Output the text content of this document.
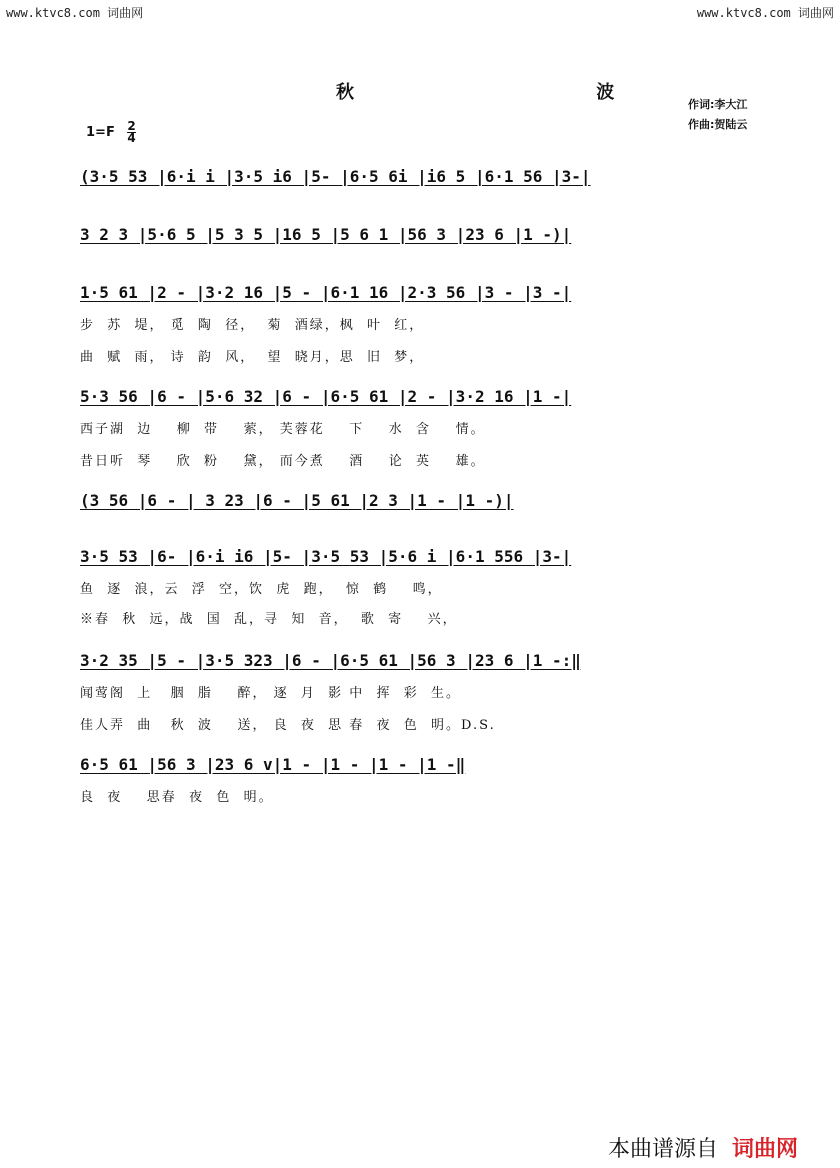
www.ktvc8.com 词曲网	www.ktvc8.com 词曲网
秋 波
作词:李大江
作曲:贺陆云
$1=F \frac{2}{4}$
(3·5 53 |6·i i |3·5 i6 |5- |6·5 6i |i6 5 |6·1 56 |3-|
3 2 3 |5·6 5 |5 3 5 |16 5 |5 6 1 |56 3 |23 6 |1 -)|
1·5 61 |2 - |3·2 16 |5 - |6·1 16 |2·3 56 |3 - |3 -|
步  苏  堤， 觅  陶  径，  菊  酒绿，枫  叶  红，
曲  赋  雨， 诗  韵  风，  望  晓月，思  旧  梦，
5·3 56 |6 - |5·6 32 |6 - |6·5 61 |2 - |3·2 16 |1 -|
西子湖  边    柳  带    萦， 芙蓉花    下    水  含    情。
昔日听  琴    欣  粉    黛， 而今煮    酒    论  英    雄。
(3 56 |6 - | 3 23 |6 - |5 61 |2 3 |1 - |1 -)|
3·5 53 |6- |6·i i6 |5- |3·5 53 |5·6 i |6·1 556 |3-|
鱼  逐  浪，云  浮  空，饮  虎  跑，  惊  鹤    鸣，
※春  秋  远，战  国  乱，寻  知  音，  歌  寄    兴，
3·2 35 |5 - |3·5 323 |6 - |6·5 61 |56 3 |23 6 |1 -:‖
闻莺阁  上   胭  脂    醉， 逐  月  影 中  挥  彩  生。
佳人弄  曲   秋  波    送， 良  夜  思 春  夜  色  明。D.S.
6·5 61 |56 3 |23 6 v|1 - |1 - |1 - |1 -‖
良  夜    思春  夜  色  明。
本曲谱源自 词曲网
